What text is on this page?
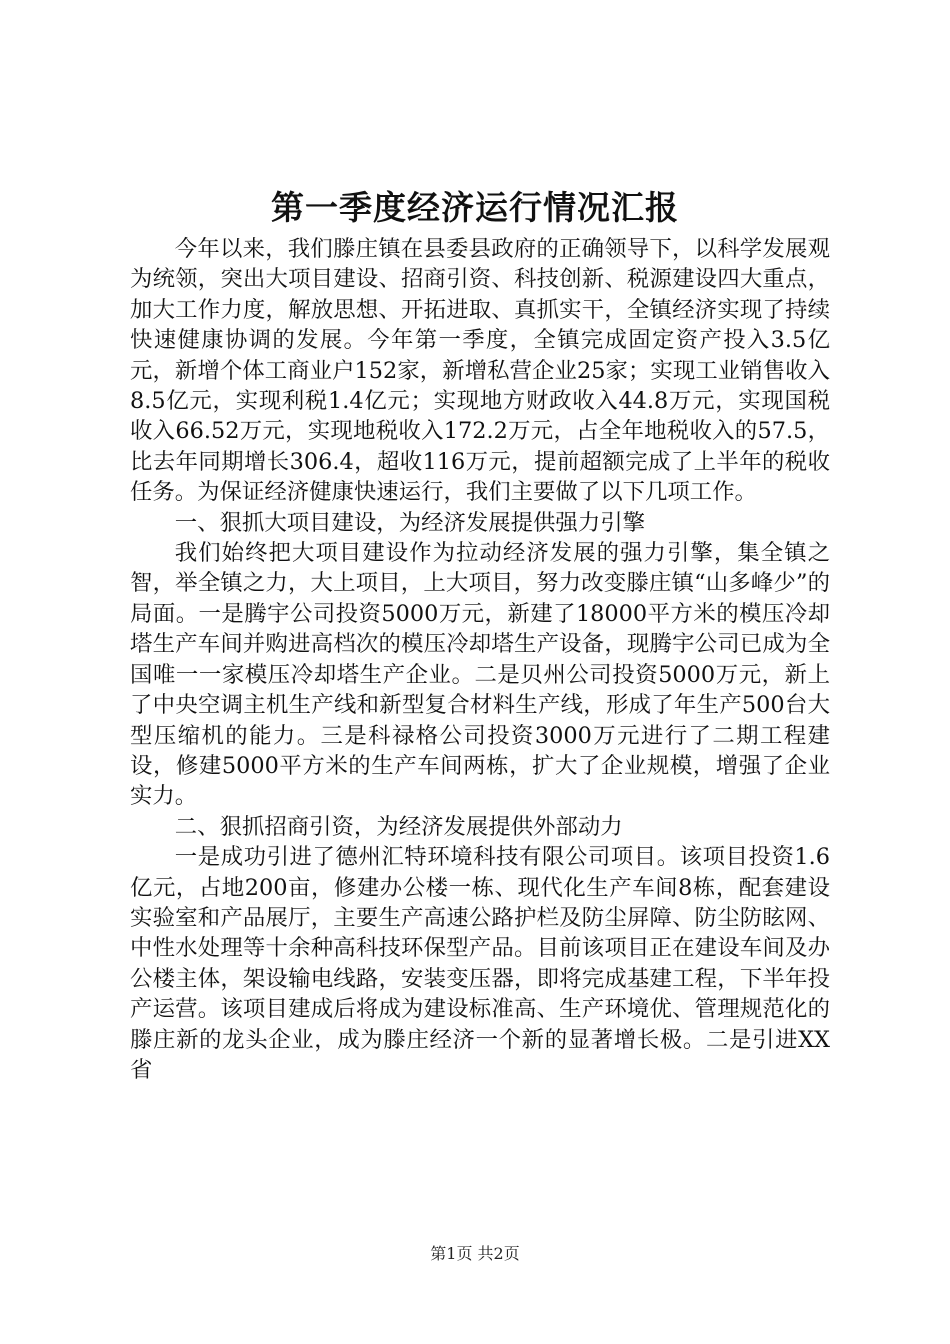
第一季度经济运行情况汇报

今年以来，我们滕庄镇在县委县政府的正确领导下，以科学发展观为统领，突出大项目建设、招商引资、科技创新、税源建设四大重点，加大工作力度，解放思想、开拓进取、真抓实干，全镇经济实现了持续快速健康协调的发展。今年第一季度，全镇完成固定资产投入3.5亿元，新增个体工商业户152家，新增私营企业25家；实现工业销售收入8.5亿元，实现利税1.4亿元；实现地方财政收入44.8万元，实现国税收入66.52万元，实现地税收入172.2万元，占全年地税收入的57.5，比去年同期增长306.4，超收116万元，提前超额完成了上半年的税收任务。为保证经济健康快速运行，我们主要做了以下几项工作。

一、狠抓大项目建设，为经济发展提供强力引擎

我们始终把大项目建设作为拉动经济发展的强力引擎，集全镇之智，举全镇之力，大上项目，上大项目，努力改变滕庄镇“山多峰少”的局面。一是腾宇公司投资5000万元，新建了18000平方米的模压冷却塔生产车间并购进高档次的模压冷却塔生产设备，现腾宇公司已成为全国唯一一家模压冷却塔生产企业。二是贝州公司投资5000万元，新上了中央空调主机生产线和新型复合材料生产线，形成了年生产500台大型压缩机的能力。三是科禄格公司投资3000万元进行了二期工程建设，修建5000平方米的生产车间两栋，扩大了企业规模，增强了企业实力。

二、狠抓招商引资，为经济发展提供外部动力

一是成功引进了德州汇特环境科技有限公司项目。该项目投资1.6亿元，占地200亩，修建办公楼一栋、现代化生产车间8栋，配套建设实验室和产品展厅，主要生产高速公路护栏及防尘屏障、防尘防眩网、中性水处理等十余种高科技环保型产品。目前该项目正在建设车间及办公楼主体，架设输电线路，安装变压器，即将完成基建工程，下半年投产运营。该项目建成后将成为建设标准高、生产环境优、管理规范化的滕庄新的龙头企业，成为滕庄经济一个新的显著增长极。二是引进XX省

第1页 共2页
